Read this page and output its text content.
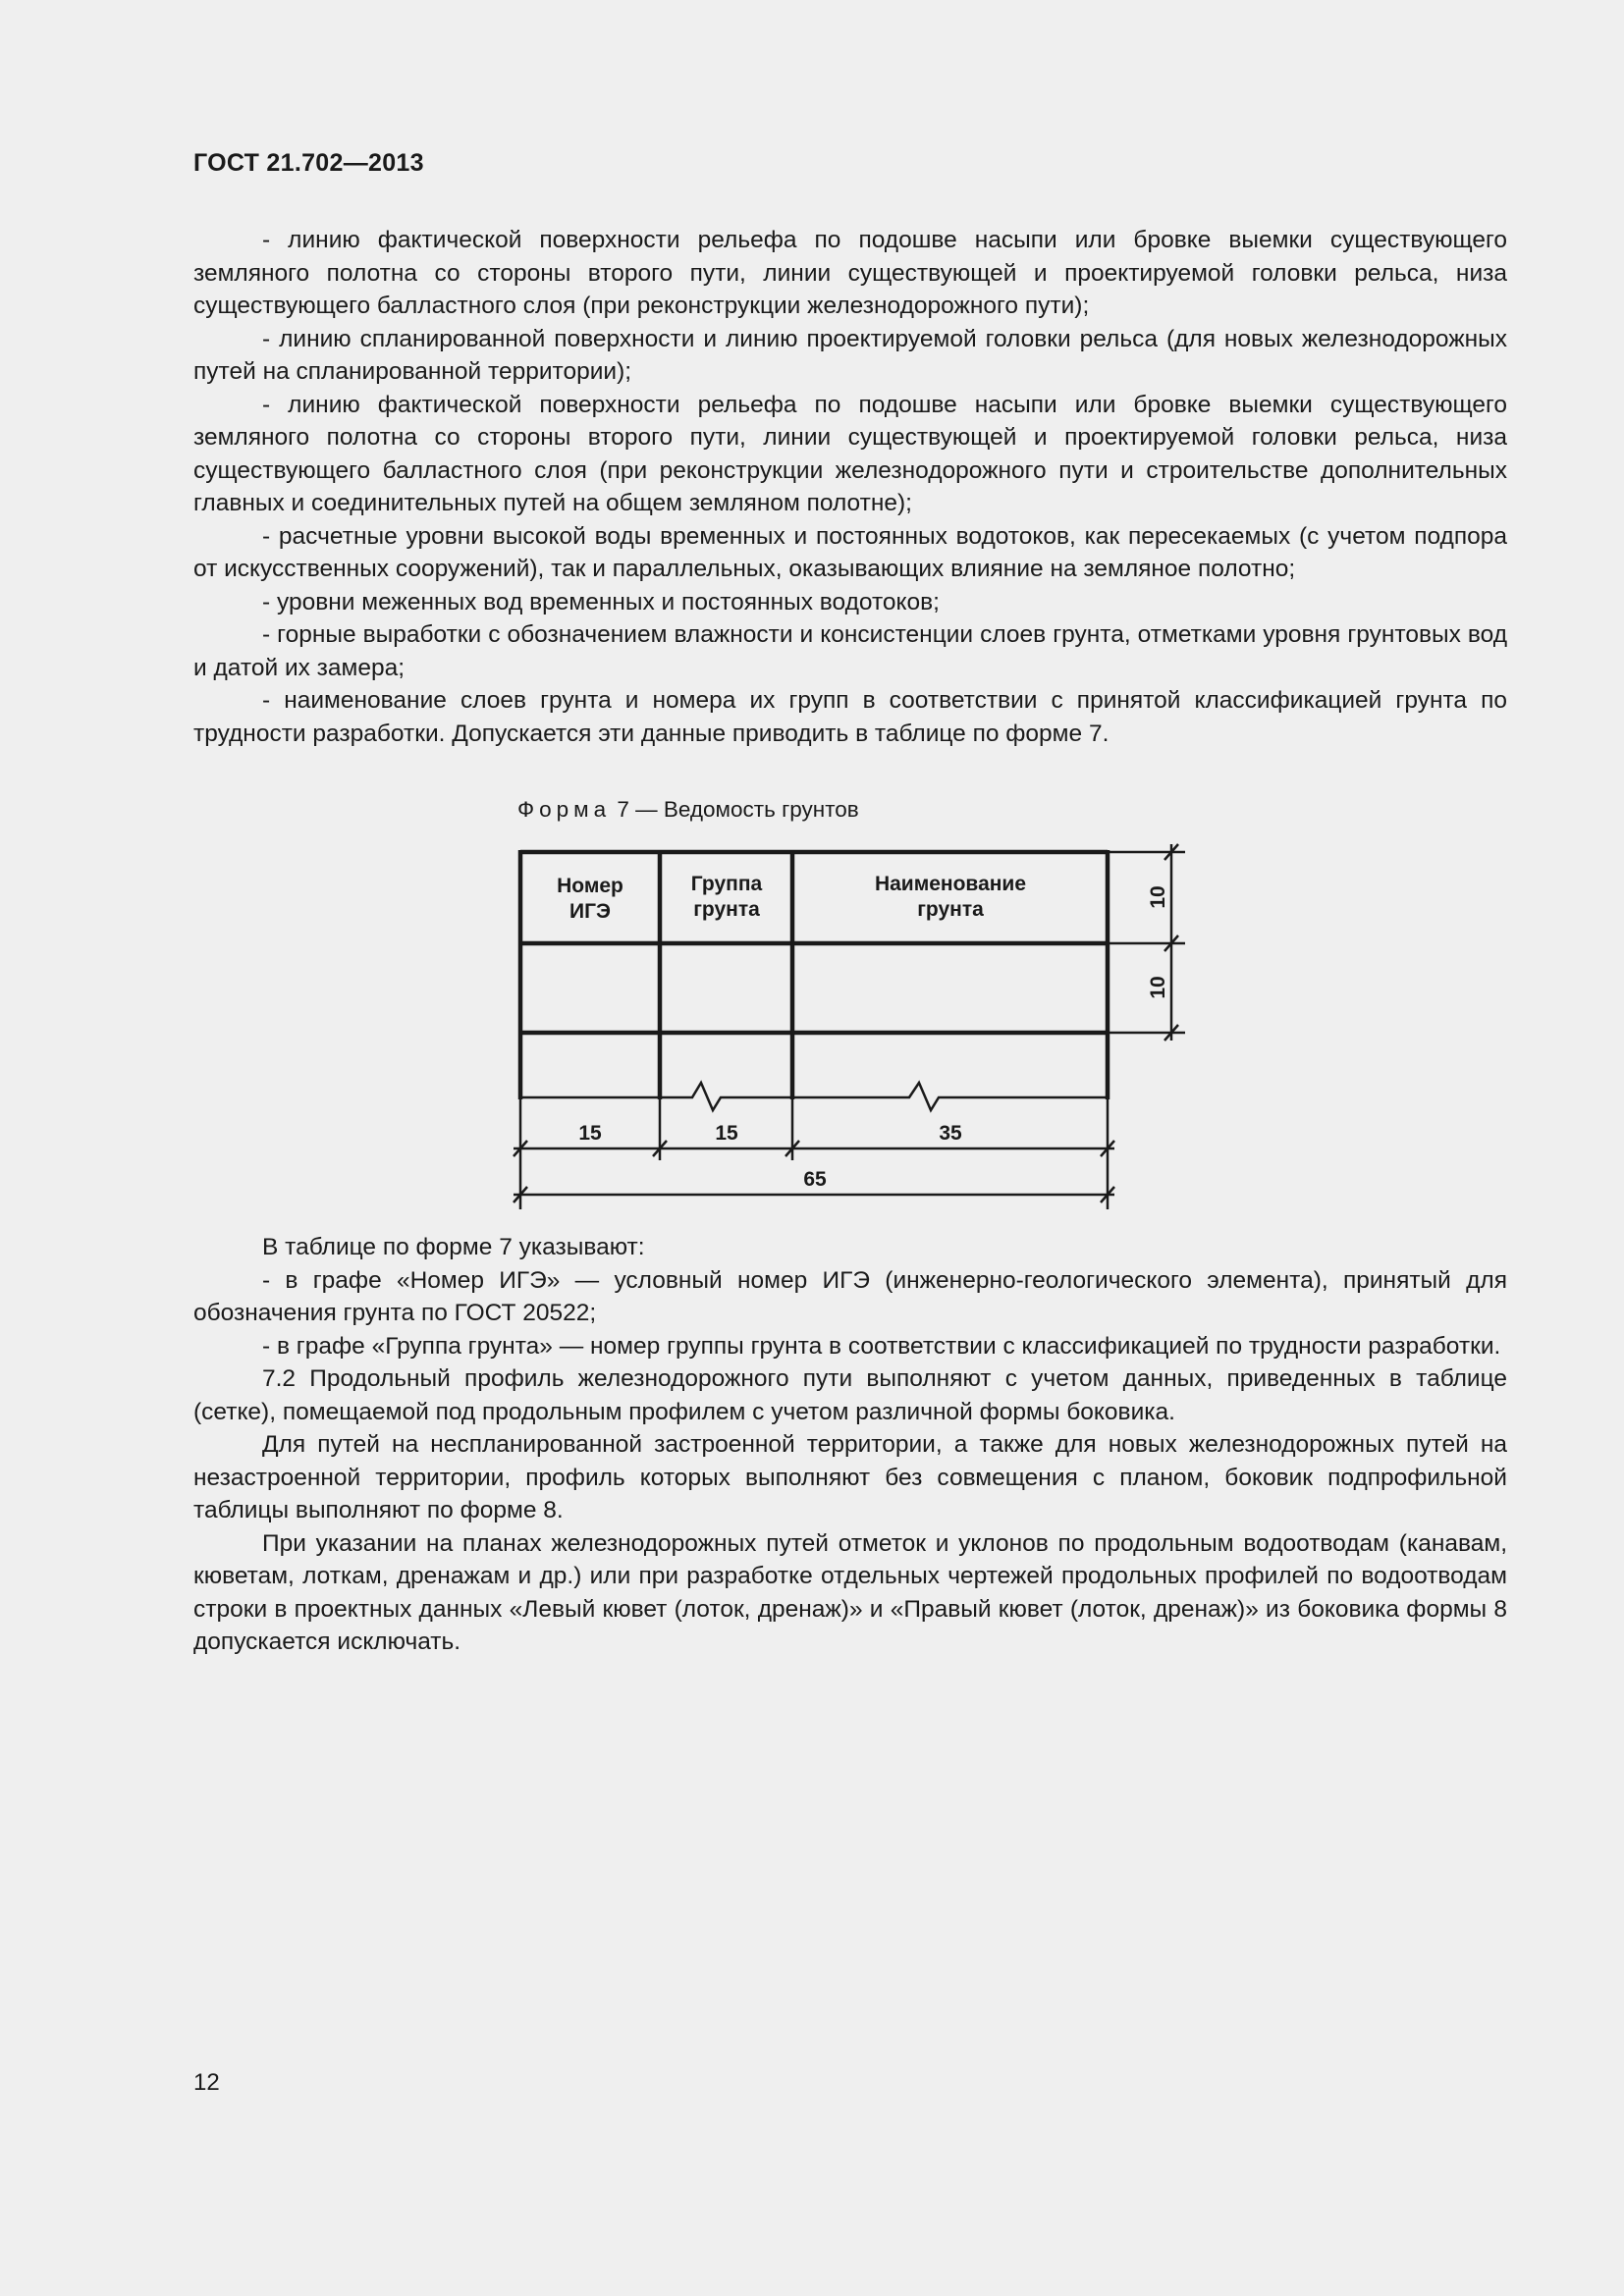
ГОСТ 21.702—2013

- линию фактической поверхности рельефа по подошве насыпи или бровке выемки существующего земляного полотна со стороны второго пути, линии существующей и проектируемой головки рельса, низа существующего балластного слоя (при реконструкции железнодорожного пути);

- линию спланированной поверхности и линию проектируемой головки рельса (для новых железнодорожных путей на спланированной территории);

- линию фактической поверхности рельефа по подошве насыпи или бровке выемки существующего земляного полотна со стороны второго пути, линии существующей и проектируемой головки рельса, низа существующего балластного слоя (при реконструкции железнодорожного пути и строительстве дополнительных главных и соединительных путей на общем земляном полотне);

- расчетные уровни высокой воды временных и постоянных водотоков, как пересекаемых (с учетом подпора от искусственных сооружений), так и параллельных, оказывающих влияние на земляное полотно;

- уровни меженных вод временных и постоянных водотоков;

- горные выработки с обозначением влажности и консистенции слоев грунта, отметками уровня грунтовых вод и датой их замера;

- наименование слоев грунта и номера их групп в соответствии с принятой классификацией грунта по трудности разработки. Допускается эти данные приводить в таблице по форме 7.

Форма 7 — Ведомость грунтов
Номер
ИГЭ
Группа
грунта
Наименование
грунта
15	15	35
65
10
10

В таблице по форме 7 указывают:

- в графе «Номер ИГЭ» — условный номер ИГЭ (инженерно-геологического элемента), принятый для обозначения грунта по ГОСТ 20522;

- в графе «Группа грунта» — номер группы грунта в соответствии с классификацией по трудности разработки.

7.2 Продольный профиль железнодорожного пути выполняют с учетом данных, приведенных в таблице (сетке), помещаемой под продольным профилем с учетом различной формы боковика.

Для путей на неспланированной застроенной территории, а также для новых железнодорожных путей на незастроенной территории, профиль которых выполняют без совмещения с планом, боковик подпрофильной таблицы выполняют по форме 8.

При указании на планах железнодорожных путей отметок и уклонов по продольным водоотводам (канавам, кюветам, лоткам, дренажам и др.) или при разработке отдельных чертежей продольных профилей по водоотводам строки в проектных данных «Левый кювет (лоток, дренаж)» и «Правый кювет (лоток, дренаж)» из боковика формы 8 допускается исключать.

12
